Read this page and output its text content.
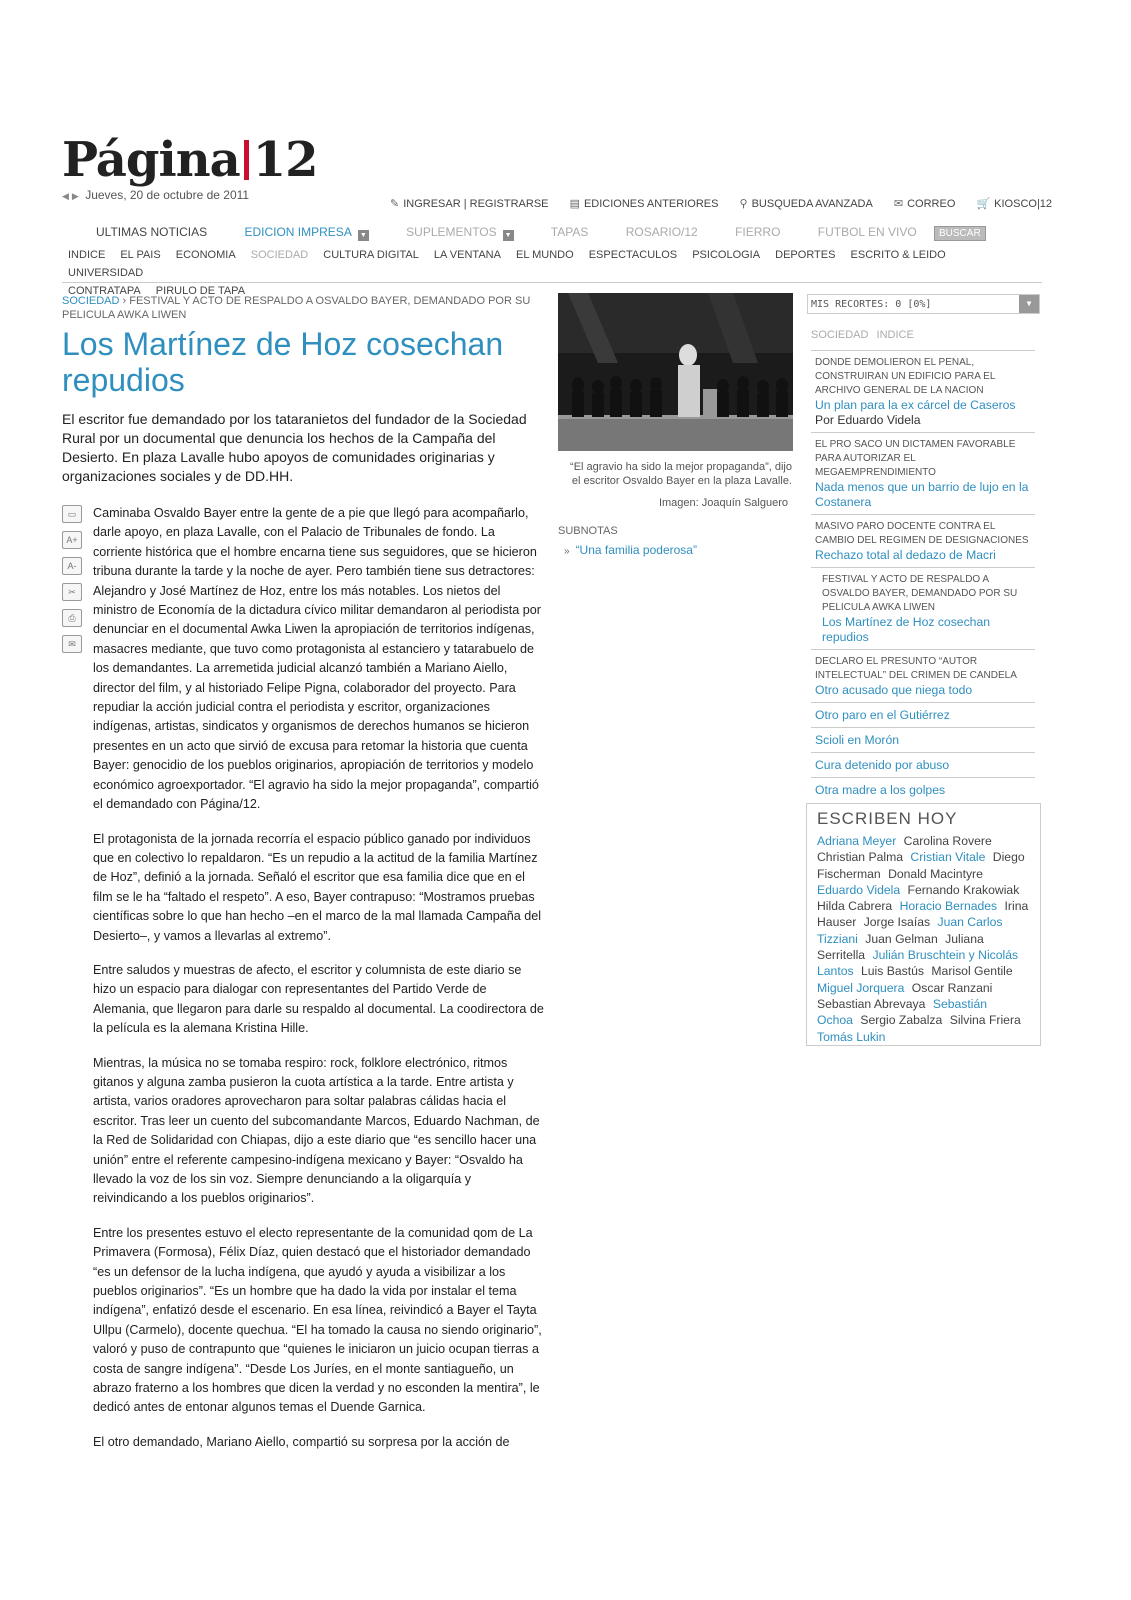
Página 12
◀ ▶ Jueves, 20 de octubre de 2011
✎ INGRESAR | REGISTRARSE ▤ EDICIONES ANTERIORES ⚲ BUSQUEDA AVANZADA ✉ CORREO 🛒 KIOSCO|12
ULTIMAS NOTICIAS	EDICION IMPRESA ▼	SUPLEMENTOS ▼	TAPAS	ROSARIO/12	FIERRO	FUTBOL EN VIVO BUSCAR
INDICE EL PAIS ECONOMIA SOCIEDAD CULTURA DIGITAL LA VENTANA EL MUNDO ESPECTACULOS PSICOLOGIA DEPORTES ESCRITO & LEIDO UNIVERSIDAD
CONTRATAPA PIRULO DE TAPA
SOCIEDAD › FESTIVAL Y ACTO DE RESPALDO A OSVALDO BAYER, DEMANDADO POR SU PELICULA AWKA LIWEN
Los Martínez de Hoz cosechan repudios
El escritor fue demandado por los tataranietos del fundador de la Sociedad Rural por un documental que denuncia los hechos de la Campaña del Desierto. En plaza Lavalle hubo apoyos de comunidades originarias y organizaciones sociales y de DD.HH.
▭
A+
A-
✂
⎙
✉

Caminaba Osvaldo Bayer entre la gente de a pie que llegó para acompañarlo, darle apoyo, en plaza Lavalle, con el Palacio de Tribunales de fondo. La corriente histórica que el hombre encarna tiene sus seguidores, que se hicieron tribuna durante la tarde y la noche de ayer. Pero también tiene sus detractores: Alejandro y José Martínez de Hoz, entre los más notables. Los nietos del ministro de Economía de la dictadura cívico militar demandaron al periodista por denunciar en el documental Awka Liwen la apropiación de territorios indígenas, masacres mediante, que tuvo como protagonista al estanciero y tatarabuelo de los demandantes. La arremetida judicial alcanzó también a Mariano Aiello, director del film, y al historiado Felipe Pigna, colaborador del proyecto. Para repudiar la acción judicial contra el periodista y escritor, organizaciones indígenas, artistas, sindicatos y organismos de derechos humanos se hicieron presentes en un acto que sirvió de excusa para retomar la historia que cuenta Bayer: genocidio de los pueblos originarios, apropiación de territorios y modelo económico agroexportador. “El agravio ha sido la mejor propaganda”, compartió el demandado con Página/12.

El protagonista de la jornada recorría el espacio público ganado por individuos que en colectivo lo repaldaron. “Es un repudio a la actitud de la familia Martínez de Hoz”, definió a la jornada. Señaló el escritor que esa familia dice que en el film se le ha “faltado el respeto”. A eso, Bayer contrapuso: “Mostramos pruebas científicas sobre lo que han hecho –en el marco de la mal llamada Campaña del Desierto–, y vamos a llevarlas al extremo”.

Entre saludos y muestras de afecto, el escritor y columnista de este diario se hizo un espacio para dialogar con representantes del Partido Verde de Alemania, que llegaron para darle su respaldo al documental. La coodirectora de la película es la alemana Kristina Hille.

Mientras, la música no se tomaba respiro: rock, folklore electrónico, ritmos gitanos y alguna zamba pusieron la cuota artística a la tarde. Entre artista y artista, varios oradores aprovecharon para soltar palabras cálidas hacia el escritor. Tras leer un cuento del subcomandante Marcos, Eduardo Nachman, de la Red de Solidaridad con Chiapas, dijo a este diario que “es sencillo hacer una unión” entre el referente campesino-indígena mexicano y Bayer: “Osvaldo ha llevado la voz de los sin voz. Siempre denunciando a la oligarquía y reivindicando a los pueblos originarios”.

Entre los presentes estuvo el electo representante de la comunidad qom de La Primavera (Formosa), Félix Díaz, quien destacó que el historiador demandado “es un defensor de la lucha indígena, que ayudó y ayuda a visibilizar a los pueblos originarios”. “Es un hombre que ha dado la vida por instalar el tema indígena”, enfatizó desde el escenario. En esa línea, reivindicó a Bayer el Tayta Ullpu (Carmelo), docente quechua. “El ha tomado la causa no siendo originario”, valoró y puso de contrapunto que “quienes le iniciaron un juicio ocupan tierras a costa de sangre indígena”. “Desde Los Juríes, en el monte santiagueño, un abrazo fraterno a los hombres que dicen la verdad y no esconden la mentira”, le dedicó antes de entonar algunos temas el Duende Garnica.

El otro demandado, Mariano Aiello, compartió su sorpresa por la acción de

“El agravio ha sido la mejor propaganda”, dijo el escritor Osvaldo Bayer en la plaza Lavalle.
Imagen: Joaquín Salguero
SUBNOTAS
» “Una familia poderosa”
MIS RECORTES: 0 [0%]	▼
SOCIEDAD INDICE
DONDE DEMOLIERON EL PENAL, CONSTRUIRAN UN EDIFICIO PARA EL ARCHIVO GENERAL DE LA NACION
Un plan para la ex cárcel de Caseros
Por Eduardo Videla
EL PRO SACO UN DICTAMEN FAVORABLE PARA AUTORIZAR EL MEGAEMPRENDIMIENTO
Nada menos que un barrio de lujo en la Costanera
MASIVO PARO DOCENTE CONTRA EL CAMBIO DEL REGIMEN DE DESIGNACIONES
Rechazo total al dedazo de Macri
FESTIVAL Y ACTO DE RESPALDO A OSVALDO BAYER, DEMANDADO POR SU PELICULA AWKA LIWEN
Los Martínez de Hoz cosechan repudios
DECLARO EL PRESUNTO “AUTOR INTELECTUAL” DEL CRIMEN DE CANDELA
Otro acusado que niega todo
Otro paro en el Gutiérrez
Scioli en Morón
Cura detenido por abuso
Otra madre a los golpes
ESCRIBEN HOY
Adriana Meyer Carolina Rovere Christian Palma Cristian Vitale Diego Fischerman Donald Macintyre Eduardo Videla Fernando Krakowiak Hilda Cabrera Horacio Bernades Irina Hauser Jorge Isaías Juan Carlos Tizziani Juan Gelman Juliana Serritella Julián Bruschtein y Nicolás Lantos Luis Bastús Marisol Gentile Miguel Jorquera Oscar Ranzani Sebastian Abrevaya Sebastián Ochoa Sergio Zabalza Silvina Friera Tomás Lukin
